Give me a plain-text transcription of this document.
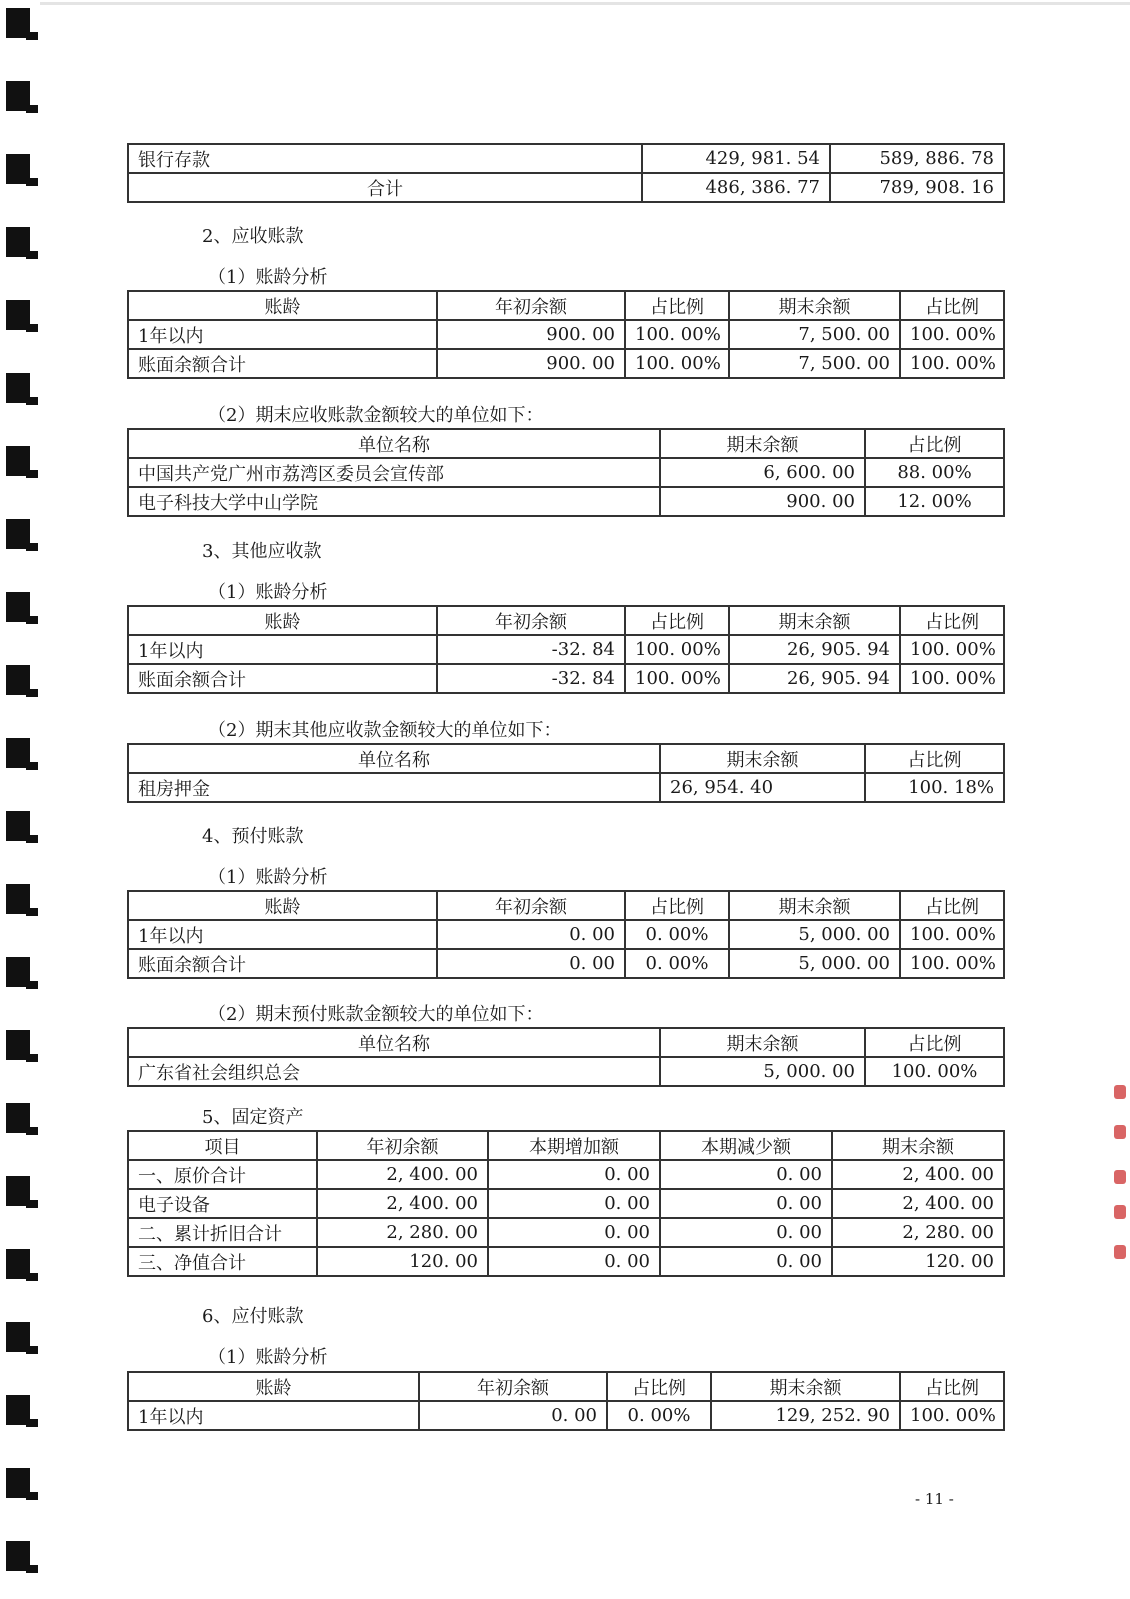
银行存款	429, 981. 54	589, 886. 78
合计	486, 386. 77	789, 908. 16
2、应收账款
（1）账龄分析
账龄	年初余额	占比例	期末余额	占比例
1年以内	900. 00	100. 00%	7, 500. 00	100. 00%
账面余额合计	900. 00	100. 00%	7, 500. 00	100. 00%
（2）期末应收账款金额较大的单位如下：
单位名称	期末余额	占比例
中国共产党广州市荔湾区委员会宣传部	6, 600. 00	88. 00%
电子科技大学中山学院	900. 00	12. 00%
3、其他应收款
（1）账龄分析
账龄	年初余额	占比例	期末余额	占比例
1年以内	-32. 84	100. 00%	26, 905. 94	100. 00%
账面余额合计	-32. 84	100. 00%	26, 905. 94	100. 00%
（2）期末其他应收款金额较大的单位如下：
单位名称	期末余额	占比例
租房押金	26, 954. 40	100. 18%
4、预付账款
（1）账龄分析
账龄	年初余额	占比例	期末余额	占比例
1年以内	0. 00	0. 00%	5, 000. 00	100. 00%
账面余额合计	0. 00	0. 00%	5, 000. 00	100. 00%
（2）期末预付账款金额较大的单位如下：
单位名称	期末余额	占比例
广东省社会组织总会	5, 000. 00	100. 00%
5、固定资产
项目	年初余额	本期增加额	本期减少额	期末余额
一、原价合计	2, 400. 00	0. 00	0. 00	2, 400. 00
电子设备	2, 400. 00	0. 00	0. 00	2, 400. 00
二、累计折旧合计	2, 280. 00	0. 00	0. 00	2, 280. 00
三、净值合计	120. 00	0. 00	0. 00	120. 00
6、应付账款
（1）账龄分析
账龄	年初余额	占比例	期末余额	占比例
1年以内	0. 00	0. 00%	129, 252. 90	100. 00%
- 11 -
